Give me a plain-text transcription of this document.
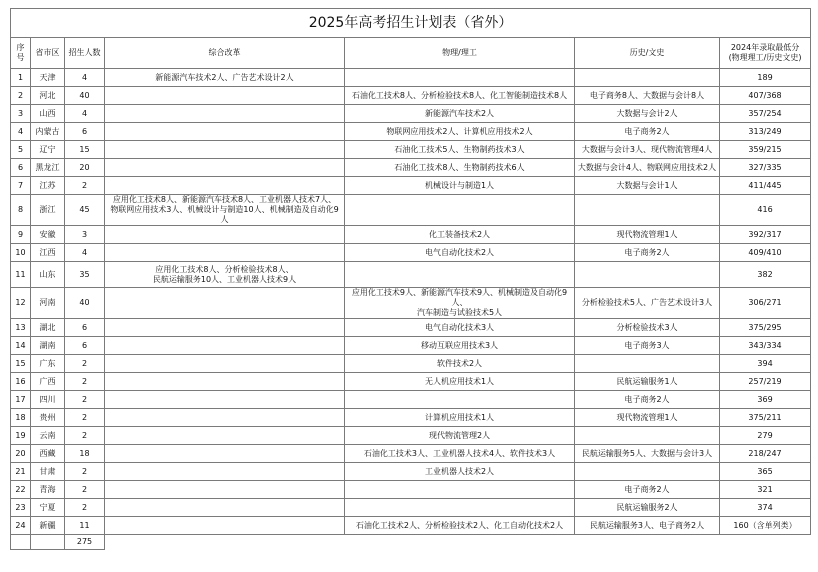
2025年高考招生计划表（省外）						
序号	省市区	招生人数	综合改革	物理/理工	历史/文史	2024年录取最低分
(物理理工/历史文史)

1	天津	4	新能源汽车技术2人、广告艺术设计2人			189
2	河北	40		石油化工技术8人、分析检验技术8人、化工智能制造技术8人	电子商务8人、大数据与会计8人	407/368
3	山西	4		新能源汽车技术2人	大数据与会计2人	357/254
4	内蒙古	6		物联网应用技术2人、计算机应用技术2人	电子商务2人	313/249
5	辽宁	15		石油化工技术5人、生物制药技术3人	大数据与会计3人、现代物流管理4人	359/215
6	黑龙江	20		石油化工技术8人、生物制药技术6人	大数据与会计4人、物联网应用技术2人	327/335
7	江苏	2		机械设计与制造1人	大数据与会计1人	411/445
8	浙江	45	应用化工技术8人、新能源汽车技术8人、工业机器人技术7人、
物联网应用技术3人、机械设计与制造10人、机械制造及自动化9人			416
9	安徽	3		化工装备技术2人	现代物流管理1人	392/317
10	江西	4		电气自动化技术2人	电子商务2人	409/410
11	山东	35	应用化工技术8人、分析检验技术8人、
民航运输服务10人、工业机器人技术9人			382
12	河南	40		应用化工技术9人、新能源汽车技术9人、机械制造及自动化9人、
汽车制造与试验技术5人	分析检验技术5人、广告艺术设计3人	306/271
13	湖北	6		电气自动化技术3人	分析检验技术3人	375/295
14	湖南	6		移动互联应用技术3人	电子商务3人	343/334
15	广东	2		软件技术2人		394
16	广西	2		无人机应用技术1人	民航运输服务1人	257/219
17	四川	2			电子商务2人	369
18	贵州	2		计算机应用技术1人	现代物流管理1人	375/211
19	云南	2		现代物流管理2人		279
20	西藏	18		石油化工技术3人、工业机器人技术4人、软件技术3人	民航运输服务5人、大数据与会计3人	218/247
21	甘肃	2		工业机器人技术2人		365
22	青海	2			电子商务2人	321
23	宁夏	2			民航运输服务2人	374
24	新疆	11		石油化工技术2人、分析检验技术2人、化工自动化技术2人	民航运输服务3人、电子商务2人	160（含单列类）
		275				
